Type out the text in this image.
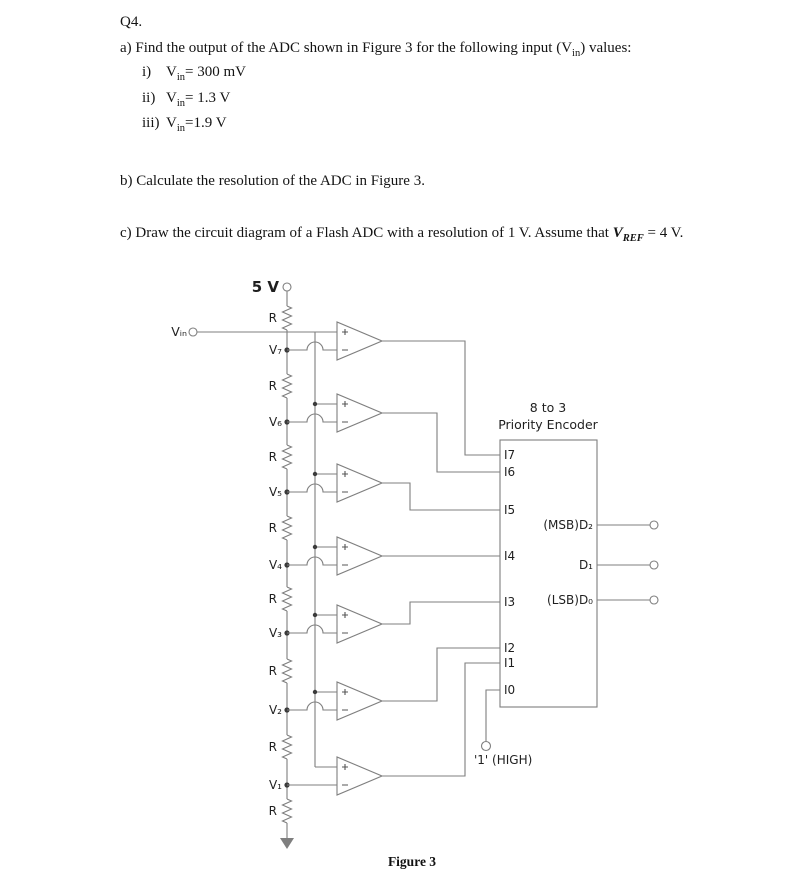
Q4.

a) Find the output of the ADC shown in Figure 3 for the following input $(V_{in})$ values:

i) $V_{in}= 300$ mV
ii) $V_{in}= 1.3$ V
iii) $V_{in}=1.9$ V

b) Calculate the resolution of the ADC in Figure 3.

c) Draw the circuit diagram of a Flash ADC with a resolution of 1 V. Assume that $V_{REF} = 4$ V.

5 V
R
R
R
R
R
R
R
R
V₇
V₆
V₅
V₄
V₃
V₂
V₁
Vᵢₙ
8 to 3
Priority Encoder
I7
I6
I5
I4
I3
I2
I1
I0
(MSB)D₂
D₁
(LSB)D₀
'1' (HIGH)
Figure 3
